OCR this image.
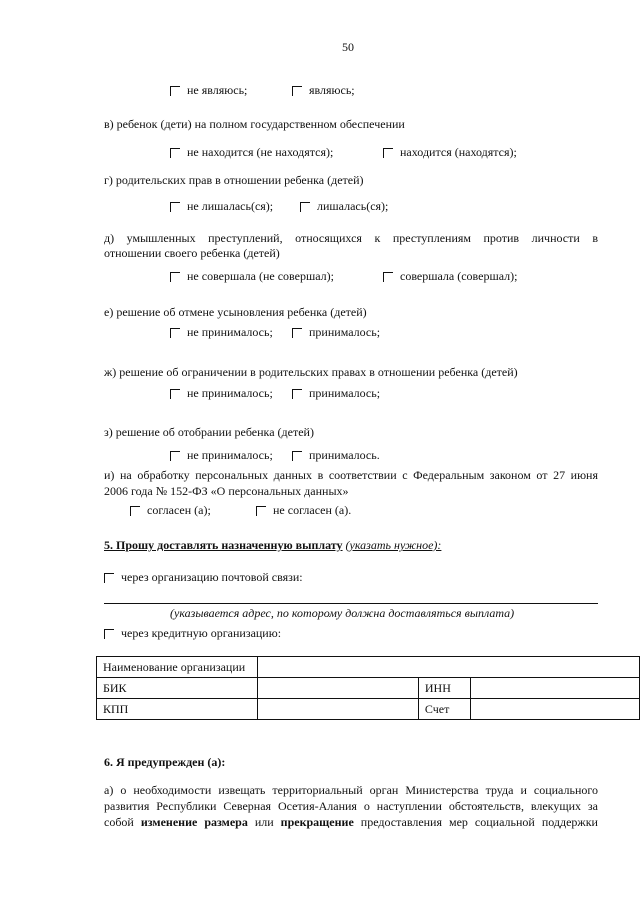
50
не являюсь;	являюсь;
в) ребенок (дети) на полном государственном обеспечении
не находится (не находятся);	находится (находятся);
г) родительских прав в отношении ребенка (детей)
не лишалась(ся);	лишалась(ся);
д) умышленных преступлений, относящихся к преступлениям против личности в
отношении своего ребенка (детей)
не совершала (не совершал);	совершала (совершал);
е) решение об отмене усыновления ребенка (детей)
не принималось;	принималось;
ж) решение об ограничении в родительских правах в отношении ребенка (детей)
не принималось;	принималось;
з) решение об отобрании ребенка (детей)
не принималось;	принималось.
и) на обработку персональных данных в соответствии с Федеральным законом от 27 июня
2006 года № 152-ФЗ «О персональных данных»
согласен (а);	не согласен (а).
5. Прошу доставлять назначенную выплату (указать нужное):
через организацию почтовой связи:
(указывается адрес, по которому должна доставляться выплата)
через кредитную организацию:
Наименование организации			
БИК		ИНН	
КПП		Счет	
6. Я предупрежден (а):
а) о необходимости извещать территориальный орган Министерства труда и социального
развития Республики Северная Осетия-Алания о наступлении обстоятельств, влекущих за
собой изменение размера или прекращение предоставления мер социальной поддержки
